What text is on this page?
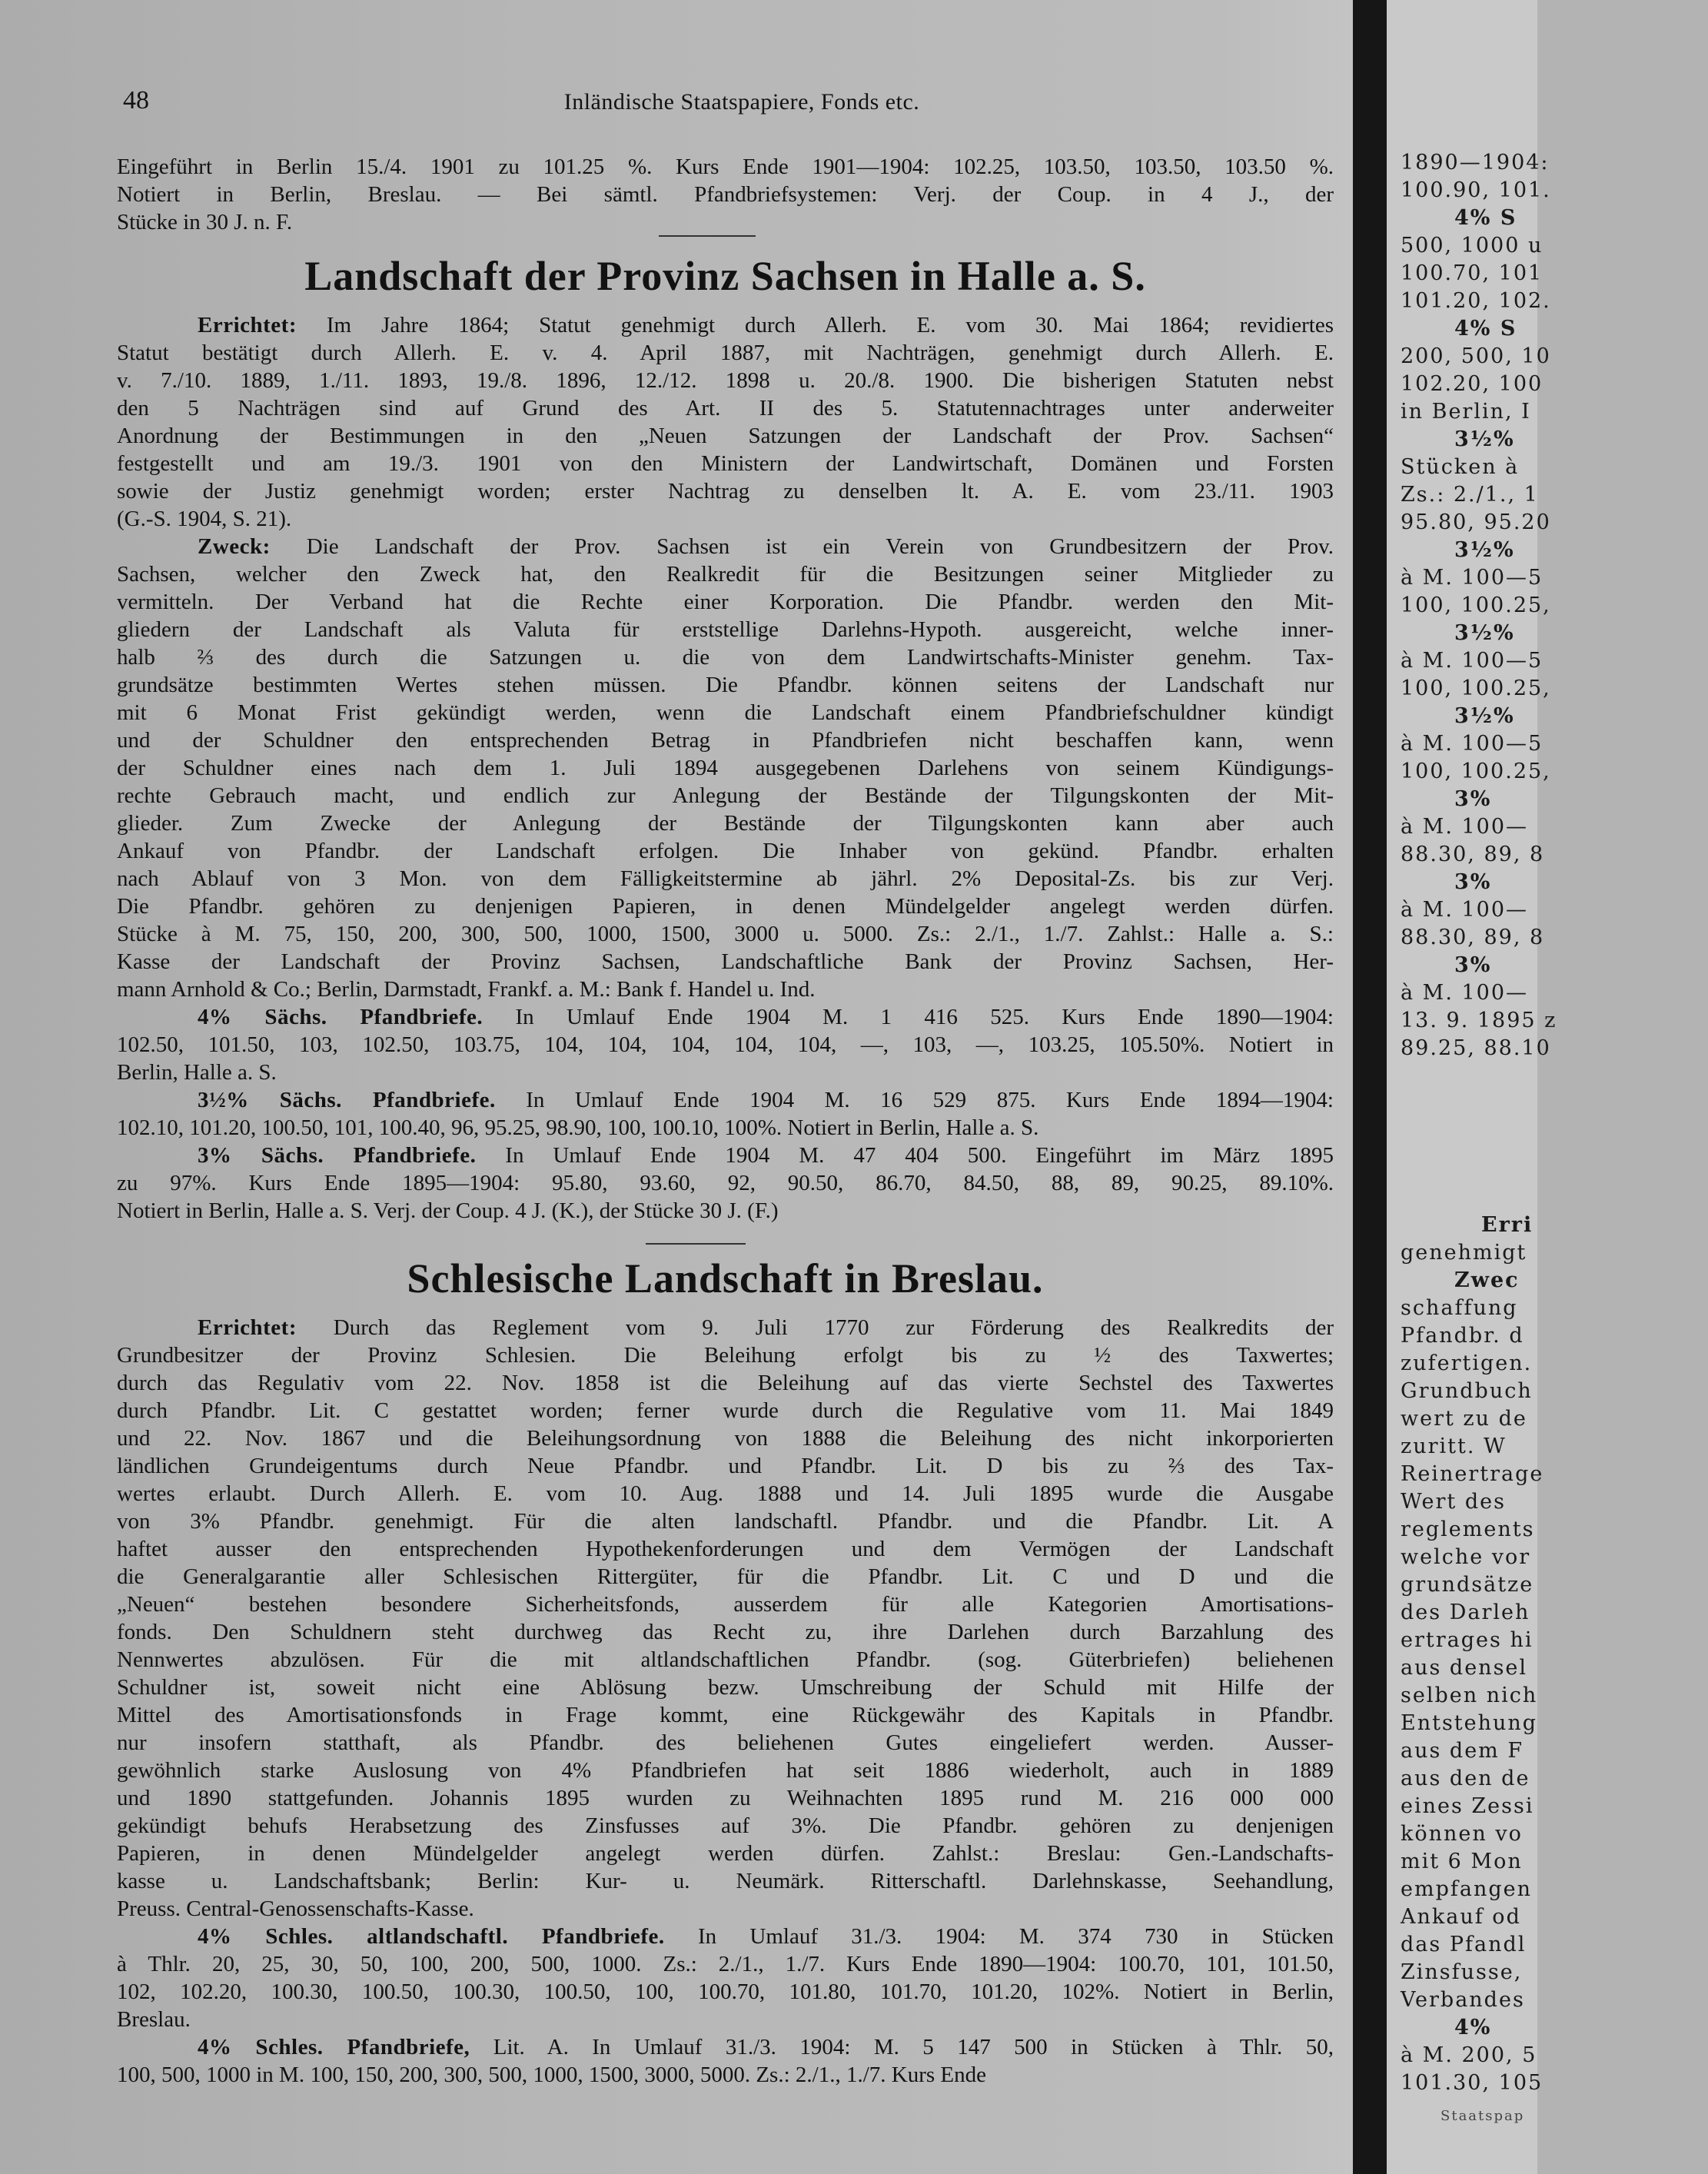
48	Inländische Staatspapiere, Fonds etc.
Eingeführt in Berlin 15./4. 1901 zu 101.25 %. Kurs Ende 1901—1904: 102.25, 103.50, 103.50, 103.50 %.
Notiert in Berlin, Breslau. — Bei sämtl. Pfandbriefsystemen: Verj. der Coup. in 4 J., der
Stücke in 30 J. n. F.
Landschaft der Provinz Sachsen in Halle a. S.
Errichtet: Im Jahre 1864; Statut genehmigt durch Allerh. E. vom 30. Mai 1864; revidiertes
Statut bestätigt durch Allerh. E. v. 4. April 1887, mit Nachträgen, genehmigt durch Allerh. E.
v. 7./10. 1889, 1./11. 1893, 19./8. 1896, 12./12. 1898 u. 20./8. 1900. Die bisherigen Statuten nebst
den 5 Nachträgen sind auf Grund des Art. II des 5. Statutennachtrages unter anderweiter
Anordnung der Bestimmungen in den „Neuen Satzungen der Landschaft der Prov. Sachsen“
festgestellt und am 19./3. 1901 von den Ministern der Landwirtschaft, Domänen und Forsten
sowie der Justiz genehmigt worden; erster Nachtrag zu denselben lt. A. E. vom 23./11. 1903
(G.-S. 1904, S. 21).
Zweck: Die Landschaft der Prov. Sachsen ist ein Verein von Grundbesitzern der Prov.
Sachsen, welcher den Zweck hat, den Realkredit für die Besitzungen seiner Mitglieder zu
vermitteln. Der Verband hat die Rechte einer Korporation. Die Pfandbr. werden den Mit-
gliedern der Landschaft als Valuta für erststellige Darlehns-Hypoth. ausgereicht, welche inner-
halb ⅔ des durch die Satzungen u. die von dem Landwirtschafts-Minister genehm. Tax-
grundsätze bestimmten Wertes stehen müssen. Die Pfandbr. können seitens der Landschaft nur
mit 6 Monat Frist gekündigt werden, wenn die Landschaft einem Pfandbriefschuldner kündigt
und der Schuldner den entsprechenden Betrag in Pfandbriefen nicht beschaffen kann, wenn
der Schuldner eines nach dem 1. Juli 1894 ausgegebenen Darlehens von seinem Kündigungs-
rechte Gebrauch macht, und endlich zur Anlegung der Bestände der Tilgungskonten der Mit-
glieder. Zum Zwecke der Anlegung der Bestände der Tilgungskonten kann aber auch
Ankauf von Pfandbr. der Landschaft erfolgen. Die Inhaber von gekünd. Pfandbr. erhalten
nach Ablauf von 3 Mon. von dem Fälligkeitstermine ab jährl. 2% Deposital-Zs. bis zur Verj.
Die Pfandbr. gehören zu denjenigen Papieren, in denen Mündelgelder angelegt werden dürfen.
Stücke à M. 75, 150, 200, 300, 500, 1000, 1500, 3000 u. 5000. Zs.: 2./1., 1./7. Zahlst.: Halle a. S.:
Kasse der Landschaft der Provinz Sachsen, Landschaftliche Bank der Provinz Sachsen, Her-
mann Arnhold & Co.; Berlin, Darmstadt, Frankf. a. M.: Bank f. Handel u. Ind.
4% Sächs. Pfandbriefe. In Umlauf Ende 1904 M. 1 416 525. Kurs Ende 1890—1904:
102.50, 101.50, 103, 102.50, 103.75, 104, 104, 104, 104, 104, —, 103, —, 103.25, 105.50%. Notiert in
Berlin, Halle a. S.
3½% Sächs. Pfandbriefe. In Umlauf Ende 1904 M. 16 529 875. Kurs Ende 1894—1904:
102.10, 101.20, 100.50, 101, 100.40, 96, 95.25, 98.90, 100, 100.10, 100%. Notiert in Berlin, Halle a. S.
3% Sächs. Pfandbriefe. In Umlauf Ende 1904 M. 47 404 500. Eingeführt im März 1895
zu 97%. Kurs Ende 1895—1904: 95.80, 93.60, 92, 90.50, 86.70, 84.50, 88, 89, 90.25, 89.10%.
Notiert in Berlin, Halle a. S. Verj. der Coup. 4 J. (K.), der Stücke 30 J. (F.)
Schlesische Landschaft in Breslau.
Errichtet: Durch das Reglement vom 9. Juli 1770 zur Förderung des Realkredits der
Grundbesitzer der Provinz Schlesien. Die Beleihung erfolgt bis zu ½ des Taxwertes;
durch das Regulativ vom 22. Nov. 1858 ist die Beleihung auf das vierte Sechstel des Taxwertes
durch Pfandbr. Lit. C gestattet worden; ferner wurde durch die Regulative vom 11. Mai 1849
und 22. Nov. 1867 und die Beleihungsordnung von 1888 die Beleihung des nicht inkorporierten
ländlichen Grundeigentums durch Neue Pfandbr. und Pfandbr. Lit. D bis zu ⅔ des Tax-
wertes erlaubt. Durch Allerh. E. vom 10. Aug. 1888 und 14. Juli 1895 wurde die Ausgabe
von 3% Pfandbr. genehmigt. Für die alten landschaftl. Pfandbr. und die Pfandbr. Lit. A
haftet ausser den entsprechenden Hypothekenforderungen und dem Vermögen der Landschaft
die Generalgarantie aller Schlesischen Rittergüter, für die Pfandbr. Lit. C und D und die
„Neuen“ bestehen besondere Sicherheitsfonds, ausserdem für alle Kategorien Amortisations-
fonds. Den Schuldnern steht durchweg das Recht zu, ihre Darlehen durch Barzahlung des
Nennwertes abzulösen. Für die mit altlandschaftlichen Pfandbr. (sog. Güterbriefen) beliehenen
Schuldner ist, soweit nicht eine Ablösung bezw. Umschreibung der Schuld mit Hilfe der
Mittel des Amortisationsfonds in Frage kommt, eine Rückgewähr des Kapitals in Pfandbr.
nur insofern statthaft, als Pfandbr. des beliehenen Gutes eingeliefert werden. Ausser-
gewöhnlich starke Auslosung von 4% Pfandbriefen hat seit 1886 wiederholt, auch in 1889
und 1890 stattgefunden. Johannis 1895 wurden zu Weihnachten 1895 rund M. 216 000 000
gekündigt behufs Herabsetzung des Zinsfusses auf 3%. Die Pfandbr. gehören zu denjenigen
Papieren, in denen Mündelgelder angelegt werden dürfen. Zahlst.: Breslau: Gen.-Landschafts-
kasse u. Landschaftsbank; Berlin: Kur- u. Neumärk. Ritterschaftl. Darlehnskasse, Seehandlung,
Preuss. Central-Genossenschafts-Kasse.
4% Schles. altlandschaftl. Pfandbriefe. In Umlauf 31./3. 1904: M. 374 730 in Stücken
à Thlr. 20, 25, 30, 50, 100, 200, 500, 1000. Zs.: 2./1., 1./7. Kurs Ende 1890—1904: 100.70, 101, 101.50,
102, 102.20, 100.30, 100.50, 100.30, 100.50, 100, 100.70, 101.80, 101.70, 101.20, 102%. Notiert in Berlin,
Breslau.
4% Schles. Pfandbriefe, Lit. A. In Umlauf 31./3. 1904: M. 5 147 500 in Stücken à Thlr. 50,
100, 500, 1000 in M. 100, 150, 200, 300, 500, 1000, 1500, 3000, 5000. Zs.: 2./1., 1./7. Kurs Ende
1890—1904:
100.90, 101.
4% S
500, 1000 u
100.70, 101
101.20, 102.
4% S
200, 500, 10
102.20, 100
in Berlin, I
3½%
Stücken à
Zs.: 2./1., 1
95.80, 95.20
3½%
à M. 100—5
100, 100.25,
3½%
à M. 100—5
100, 100.25,
3½%
à M. 100—5
100, 100.25,
3%
à M. 100—
88.30, 89, 8
3%
à M. 100—
88.30, 89, 8
3%
à M. 100—
13. 9. 1895 z
89.25, 88.10
Erri
genehmigt
Zwec
schaffung
Pfandbr. d
zufertigen.
Grundbuch
wert zu de
zuritt. W
Reinertrage
Wert des
reglements
welche vor
grundsätze
des Darleh
ertrages hi
aus densel
selben nich
Entstehung
aus dem F
aus den de
eines Zessi
können vo
mit 6 Mon
empfangen
Ankauf od
das Pfandl
Zinsfusse,
Verbandes
4%
à M. 200, 5
101.30, 105
Staatspap
